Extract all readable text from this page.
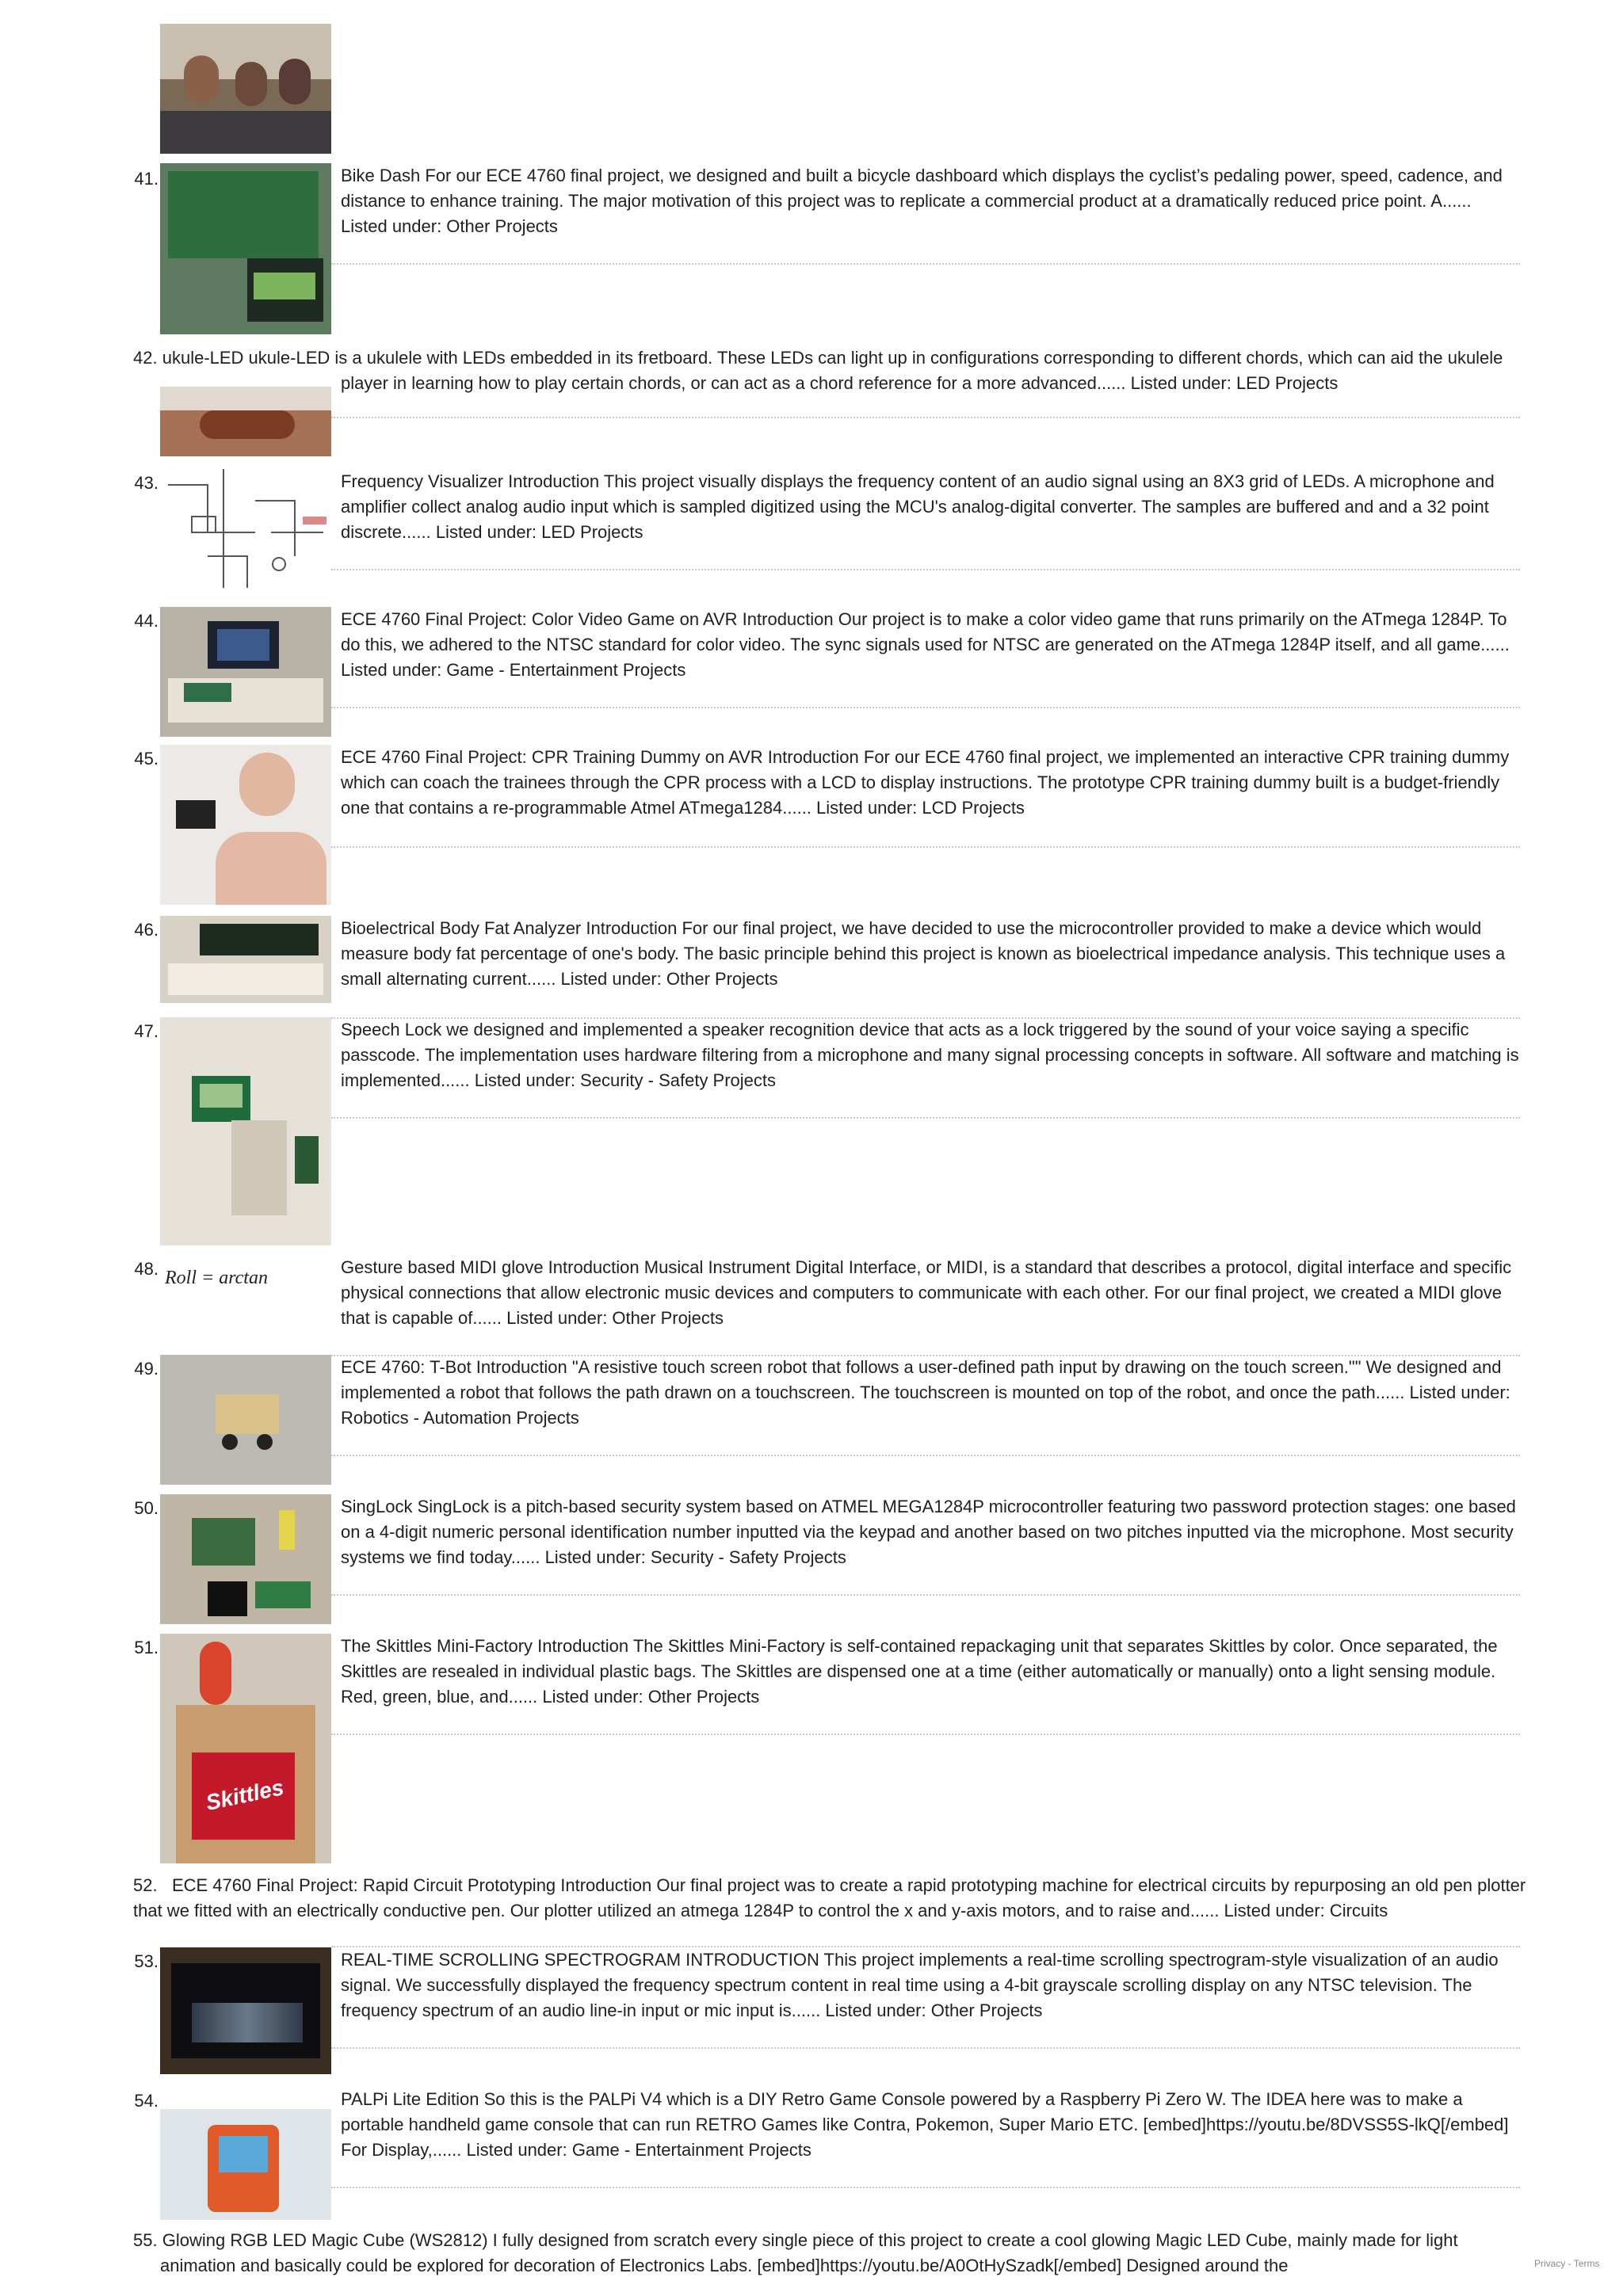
41.	Bike Dash For our ECE 4760 final project, we designed and built a bicycle dashboard which displays the cyclist’s pedaling power, speed, cadence, and distance to enhance training. The major motivation of this project was to replicate a commercial product at a dramatically reduced price point. A...... Listed under: Other Projects
42. ukule-LED ukule-LED is a ukulele with LEDs embedded in its fretboard. These LEDs can light up in configurations corresponding to different chords, which can aid the ukulele
player in learning how to play certain chords, or can act as a chord reference for a more advanced...... Listed under: LED Projects
43.	Frequency Visualizer Introduction This project visually displays the frequency content of an audio signal using an 8X3 grid of LEDs. A microphone and amplifier collect analog audio input which is sampled digitized using the MCU's analog-digital converter. The samples are buffered and and a 32 point discrete...... Listed under: LED Projects
44.	ECE 4760 Final Project: Color Video Game on AVR Introduction Our project is to make a color video game that runs primarily on the ATmega 1284P. To do this, we adhered to the NTSC standard for color video. The sync signals used for NTSC are generated on the ATmega 1284P itself, and all game...... Listed under: Game - Entertainment Projects
45.	ECE 4760 Final Project: CPR Training Dummy on AVR Introduction For our ECE 4760 final project, we implemented an interactive CPR training dummy which can coach the trainees through the CPR process with a LCD to display instructions. The prototype CPR training dummy built is a budget-friendly one that contains a re-programmable Atmel ATmega1284...... Listed under: LCD Projects
46.	Bioelectrical Body Fat Analyzer Introduction For our final project, we have decided to use the microcontroller provided to make a device which would measure body fat percentage of one's body. The basic principle behind this project is known as bioelectrical impedance analysis. This technique uses a small alternating current...... Listed under: Other Projects
47.	Speech Lock we designed and implemented a speaker recognition device that acts as a lock triggered by the sound of your voice saying a specific passcode. The implementation uses hardware filtering from a microphone and many signal processing concepts in software. All software and matching is implemented...... Listed under: Security - Safety Projects
48. Roll = arctan
Gesture based MIDI glove Introduction Musical Instrument Digital Interface, or MIDI, is a standard that describes a protocol, digital interface and specific physical connections that allow electronic music devices and computers to communicate with each other. For our final project, we created a MIDI glove that is capable of...... Listed under: Other Projects
49.	ECE 4760: T-Bot Introduction "A resistive touch screen robot that follows a user-defined path input by drawing on the touch screen."" We designed and implemented a robot that follows the path drawn on a touchscreen. The touchscreen is mounted on top of the robot, and once the path...... Listed under: Robotics - Automation Projects
50.	SingLock SingLock is a pitch-based security system based on ATMEL MEGA1284P microcontroller featuring two password protection stages: one based on a 4-digit numeric personal identification number inputted via the keypad and another based on two pitches inputted via the microphone. Most security systems we find today...... Listed under: Security - Safety Projects
51.
Skittles
The Skittles Mini-Factory Introduction The Skittles Mini-Factory is self-contained repackaging unit that separates Skittles by color. Once separated, the Skittles are resealed in individual plastic bags. The Skittles are dispensed one at a time (either automatically or manually) onto a light sensing module. Red, green, blue, and...... Listed under: Other Projects
52. ECE 4760 Final Project: Rapid Circuit Prototyping Introduction Our final project was to create a rapid prototyping machine for electrical circuits by repurposing an old pen plotter that we fitted with an electrically conductive pen. Our plotter utilized an atmega 1284P to control the x and y-axis motors, and to raise and...... Listed under: Circuits
53.	REAL-TIME SCROLLING SPECTROGRAM INTRODUCTION This project implements a real-time scrolling spectrogram-style visualization of an audio signal. We successfully displayed the frequency spectrum content in real time using a 4-bit grayscale scrolling display on any NTSC television. The frequency spectrum of an audio line-in input or mic input is...... Listed under: Other Projects
54.	PALPi Lite Edition So this is the PALPi V4 which is a DIY Retro Game Console powered by a Raspberry Pi Zero W. The IDEA here was to make a portable handheld game console that can run RETRO Games like Contra, Pokemon, Super Mario ETC. [embed]https://youtu.be/8DVSS5S-lkQ[/embed] For Display,...... Listed under: Game - Entertainment Projects
55. Glowing RGB LED Magic Cube (WS2812) I fully designed from scratch every single piece of this project to create a cool glowing Magic LED Cube, mainly made for light
animation and basically could be explored for decoration of Electronics Labs. [embed]https://youtu.be/A0OtHySzadk[/embed] Designed around the	Privacy - Terms
